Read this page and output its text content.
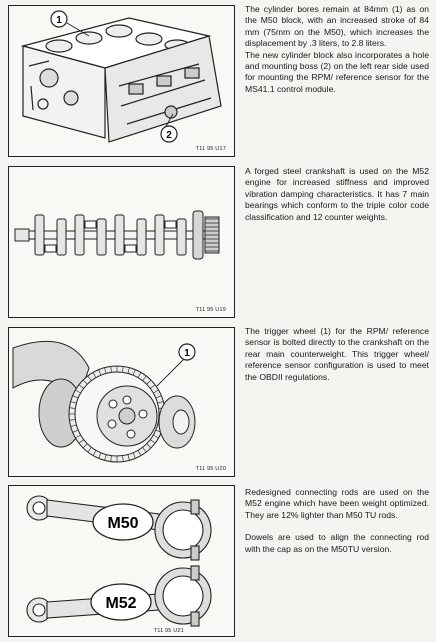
1
2
T11 95 U17

The cylinder bores remain at 84mm (1) as on the M50 block, with an increased stroke of 84 mm (75mm on the M50), which increases the displacement by .3 liters, to 2.8 liters.

The new cylinder block also incorporates a hole and mounting boss (2) on the left rear side used for mounting the RPM/ reference sensor for the MS41.1 control module.

T11 95 U19

A forged steel crankshaft is used on the M52 engine for increased stiffness and improved vibration damping characteristics. It has 7 main bearings which conform to the triple color code classification and 12 counter weights.

1
T11 95 U20

The trigger wheel (1) for the RPM/ reference sensor is bolted directly to the crankshaft on the rear main counterweight. This trigger wheel/ reference sensor configuration is used to meet the OBDII regulations.

M50
M52
T11 95 U21

Redesigned connecting rods are used on the M52 engine which have been weight optimized. They are 12% lighter than M50 TU rods.

Dowels are used to align the connecting rod with the cap as on the M50TU version.
